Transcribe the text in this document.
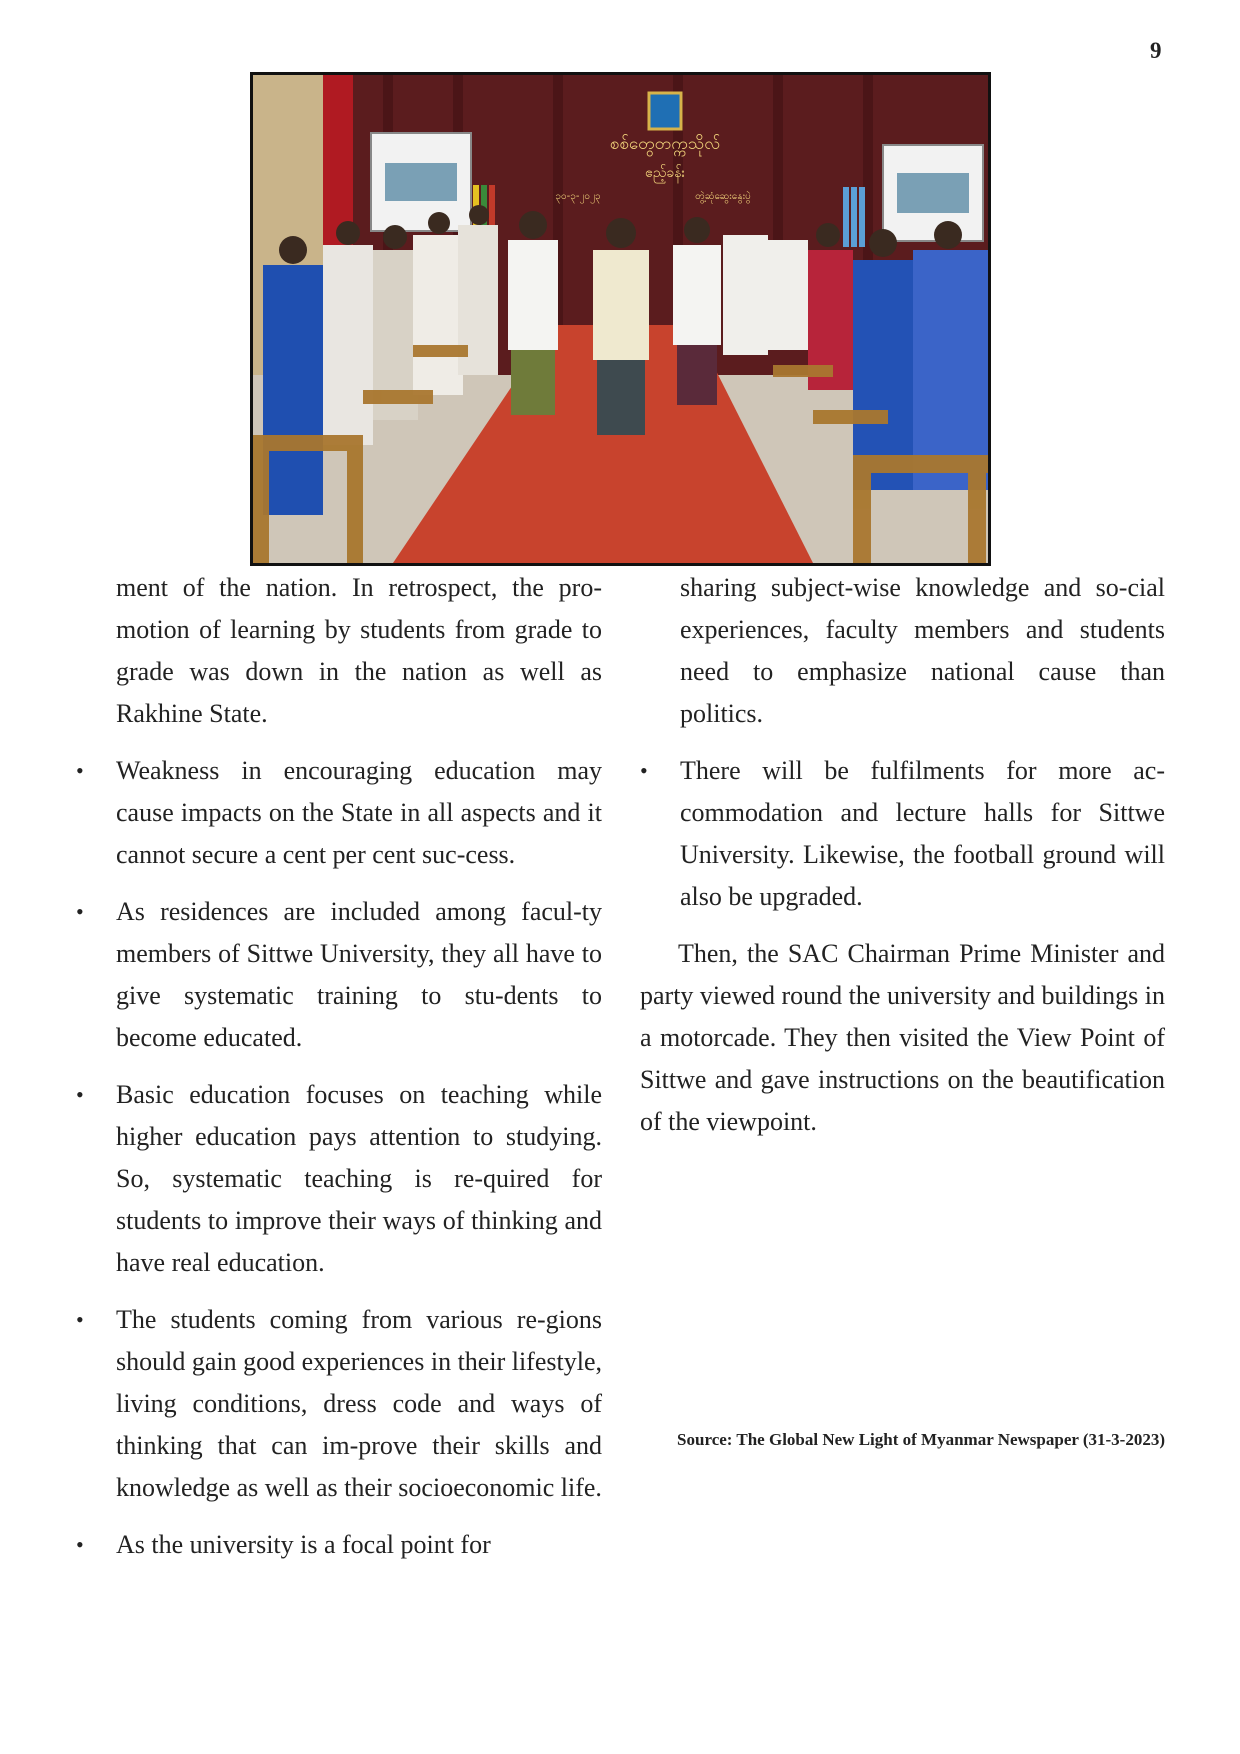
9
စစ်တွေတက္ကသိုလ်
ဧည့်ခန်း
၃၀-၃-၂၀၂၃	တွဲ့ဆုံဆွေးနွေးပွဲ

ment of the nation. In retrospect, the pro-motion of learning by students from grade to grade was down in the nation as well as Rakhine State.

•	Weakness in encouraging education may cause impacts on the State in all aspects and it cannot secure a cent per cent suc-cess.

•	As residences are included among facul-ty members of Sittwe University, they all have to give systematic training to stu-dents to become educated.

•	Basic education focuses on teaching while higher education pays attention to studying. So, systematic teaching is re-quired for students to improve their ways of thinking and have real education.

•	The students coming from various re-gions should gain good experiences in their lifestyle, living conditions, dress code and ways of thinking that can im-prove their skills and knowledge as well as their socioeconomic life.

•	As the university is a focal point for

sharing subject-wise knowledge and so-cial experiences, faculty members and students need to emphasize national cause than politics.

•	There will be fulfilments for more ac-commodation and lecture halls for Sittwe University. Likewise, the football ground will also be upgraded.

Then, the SAC Chairman Prime Minister and party viewed round the university and buildings in a motorcade. They then visited the View Point of Sittwe and gave instructions on the beautification of the viewpoint.

Source: The Global New Light of Myanmar Newspaper (31-3-2023)
